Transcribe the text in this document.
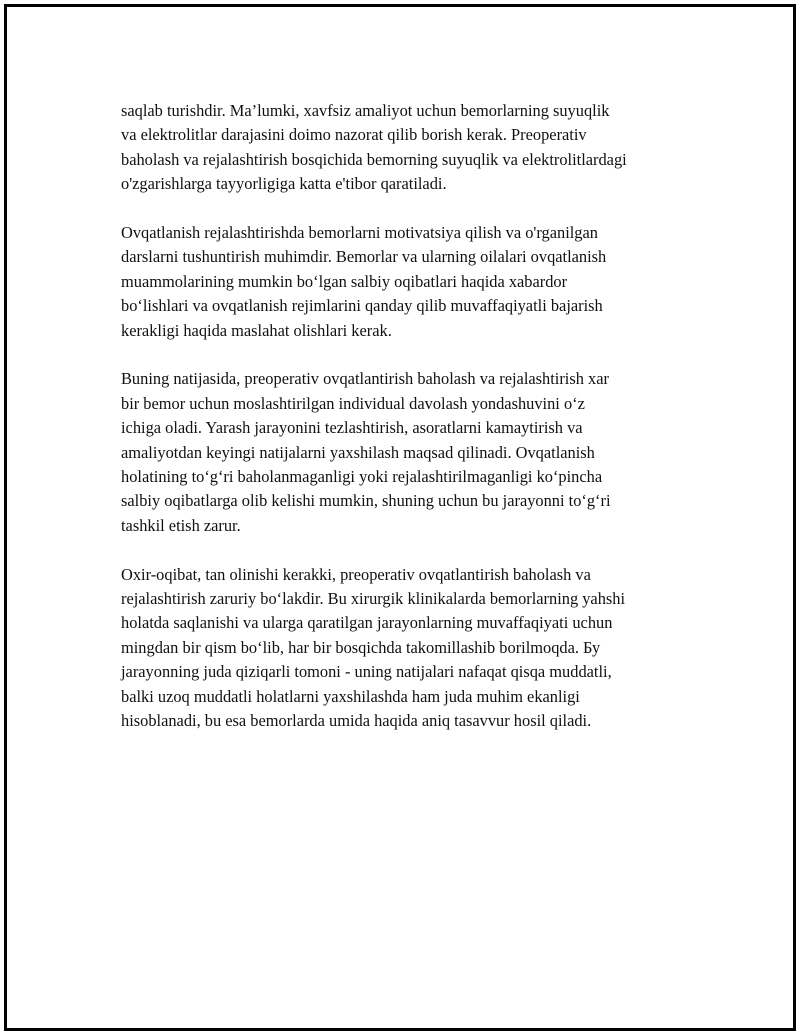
saqlab turishdir. Ma’lumki, xavfsiz amaliyot uchun bemorlarning suyuqlik
va elektrolitlar darajasini doimo nazorat qilib borish kerak. Preoperativ
baholash va rejalashtirish bosqichida bemorning suyuqlik va elektrolitlardagi
o'zgarishlarga tayyorligiga katta e'tibor qaratiladi.

Ovqatlanish rejalashtirishda bemorlarni motivatsiya qilish va o'rganilgan
darslarni tushuntirish muhimdir. Bemorlar va ularning oilalari ovqatlanish
muammolarining mumkin bo‘lgan salbiy oqibatlari haqida xabardor
bo‘lishlari va ovqatlanish rejimlarini qanday qilib muvaffaqiyatli bajarish
kerakligi haqida maslahat olishlari kerak.

Buning natijasida, preoperativ ovqatlantirish baholash va rejalashtirish xar
bir bemor uchun moslashtirilgan individual davolash yondashuvini o‘z
ichiga oladi. Yarash jarayonini tezlashtirish, asoratlarni kamaytirish va
amaliyotdan keyingi natijalarni yaxshilash maqsad qilinadi. Ovqatlanish
holatining to‘g‘ri baholanmaganligi yoki rejalashtirilmaganligi ko‘pincha
salbiy oqibatlarga olib kelishi mumkin, shuning uchun bu jarayonni to‘g‘ri
tashkil etish zarur.

Oxir-oqibat, tan olinishi kerakki, preoperativ ovqatlantirish baholash va
rejalashtirish zaruriy bo‘lakdir. Bu xirurgik klinikalarda bemorlarning yahshi
holatda saqlanishi va ularga qaratilgan jarayonlarning muvaffaqiyati uchun
mingdan bir qism bo‘lib, har bir bosqichda takomillashib borilmoqda. Бу
jarayonning juda qiziqarli tomoni - uning natijalari nafaqat qisqa muddatli,
balki uzoq muddatli holatlarni yaxshilashda ham juda muhim ekanligi
hisoblanadi, bu esa bemorlarda umida haqida aniq tasavvur hosil qiladi.
